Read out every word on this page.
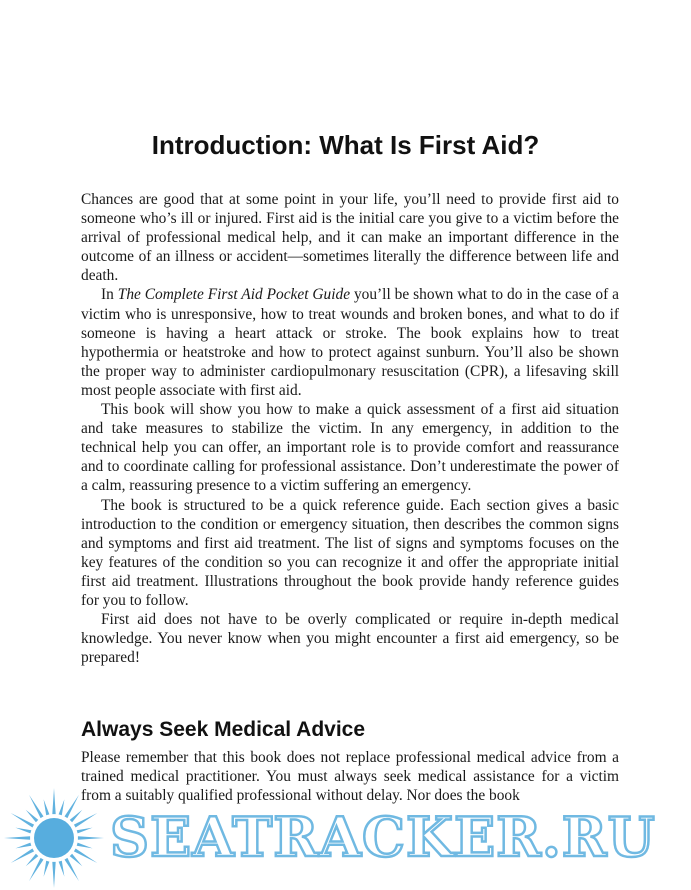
Introduction: What Is First Aid?

Chances are good that at some point in your life, you’ll need to provide first aid to someone who’s ill or injured. First aid is the initial care you give to a victim before the arrival of professional medical help, and it can make an important difference in the outcome of an illness or accident—sometimes literally the difference between life and death.

In The Complete First Aid Pocket Guide you’ll be shown what to do in the case of a victim who is unresponsive, how to treat wounds and broken bones, and what to do if someone is having a heart attack or stroke. The book explains how to treat hypothermia or heatstroke and how to protect against sunburn. You’ll also be shown the proper way to administer cardiopulmonary resuscitation (CPR), a lifesaving skill most people associate with first aid.

This book will show you how to make a quick assessment of a first aid situation and take measures to stabilize the victim. In any emergency, in addition to the technical help you can offer, an important role is to provide comfort and reassurance and to coordinate calling for professional assistance. Don’t underestimate the power of a calm, reassuring presence to a victim suffering an emergency.

The book is structured to be a quick reference guide. Each section gives a basic introduction to the condition or emergency situation, then describes the common signs and symptoms and first aid treatment. The list of signs and symptoms focuses on the key features of the condition so you can recognize it and offer the appropriate initial first aid treatment. Illustrations throughout the book provide handy reference guides for you to follow.

First aid does not have to be overly complicated or require in-depth medical knowledge. You never know when you might encounter a first aid emergency, so be prepared!

Always Seek Medical Advice

Please remember that this book does not replace professional medical advice from a trained medical practitioner. You must always seek medical assistance for a victim from a suitably qualified professional without delay. Nor does the book

SEATRACKER.RU
